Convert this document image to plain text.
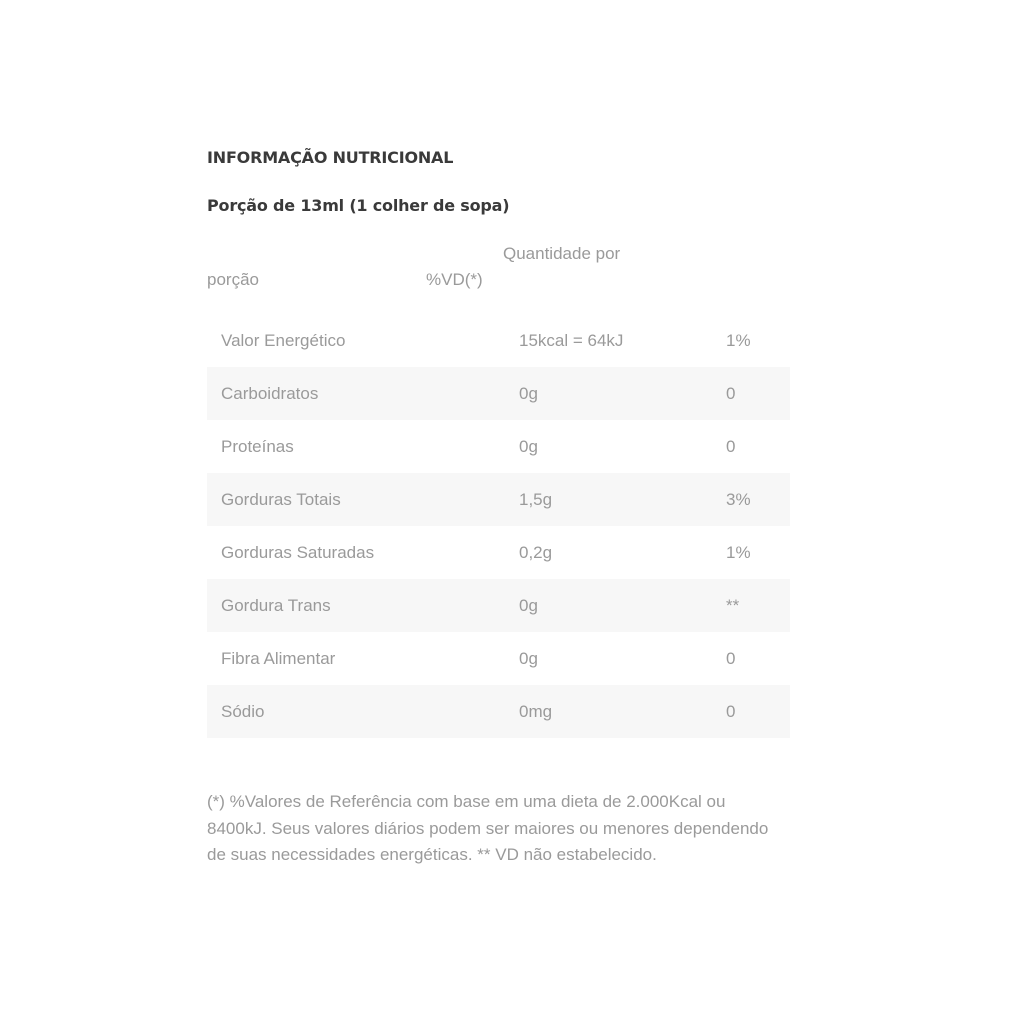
INFORMAÇÃO NUTRICIONAL
Porção de 13ml (1 colher de sopa)
Quantidade por
porção	%VD(*)
Valor Energético	15kcal = 64kJ	1%
Carboidratos	0g	0
Proteínas	0g	0
Gorduras Totais	1,5g	3%
Gorduras Saturadas	0,2g	1%
Gordura Trans	0g	**
Fibra Alimentar	0g	0
Sódio	0mg	0

(*) %Valores de Referência com base em uma dieta de 2.000Kcal ou 8400kJ. Seus valores diários podem ser maiores ou menores dependendo de suas necessidades energéticas. ** VD não estabelecido.
